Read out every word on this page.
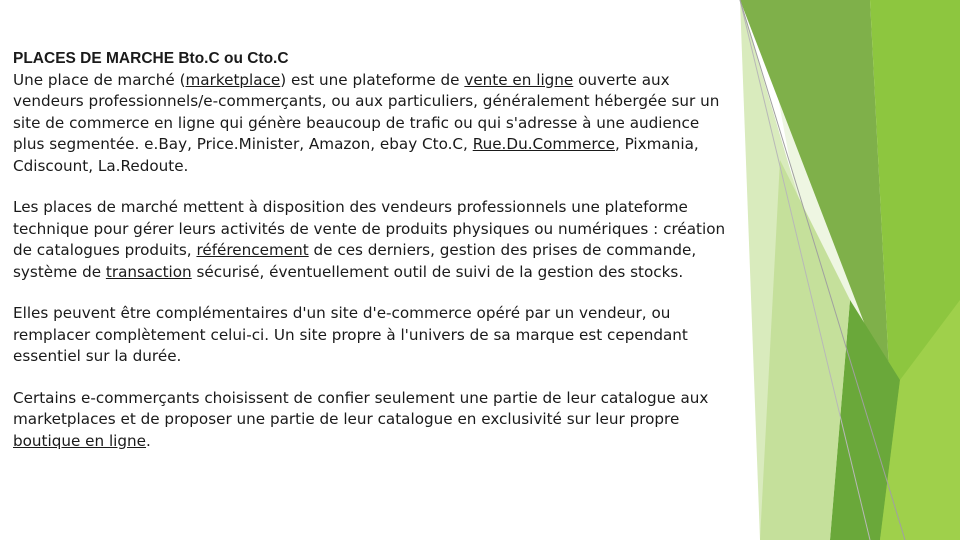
PLACES DE MARCHE Bto.C ou Cto.C

Une place de marché (marketplace) est une plateforme de vente en ligne ouverte aux vendeurs professionnels/e-commerçants, ou aux particuliers, généralement hébergée sur un site de commerce en ligne qui génère beaucoup de trafic ou qui s'adresse à une audience plus segmentée. e.Bay, Price.Minister, Amazon, ebay Cto.C, Rue.Du.Commerce, Pixmania, Cdiscount, La.Redoute.

Les places de marché mettent à disposition des vendeurs professionnels une plateforme technique pour gérer leurs activités de vente de produits physiques ou numériques : création de catalogues produits, référencement de ces derniers, gestion des prises de commande, système de transaction sécurisé, éventuellement outil de suivi de la gestion des stocks.

Elles peuvent être complémentaires d'un site d'e-commerce opéré par un vendeur, ou remplacer complètement celui-ci. Un site propre à l'univers de sa marque est cependant essentiel sur la durée.

Certains e-commerçants choisissent de confier seulement une partie de leur catalogue aux marketplaces et de proposer une partie de leur catalogue en exclusivité sur leur propre boutique en ligne.
